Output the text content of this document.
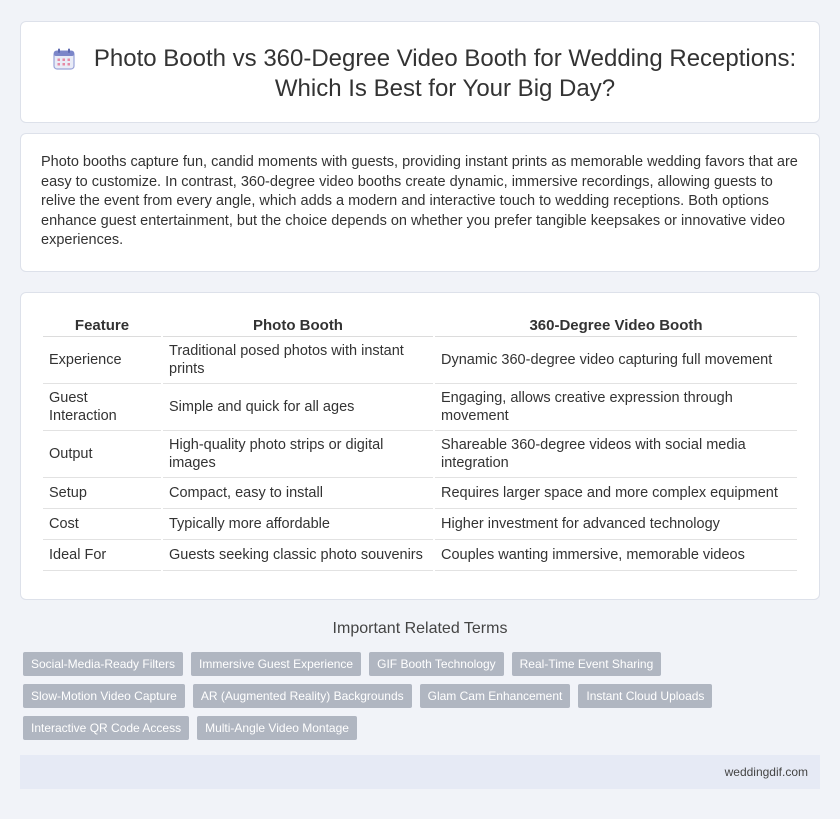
Photo Booth vs 360-Degree Video Booth for Wedding Receptions: Which Is Best for Your Big Day?

Photo booths capture fun, candid moments with guests, providing instant prints as memorable wedding favors that are easy to customize. In contrast, 360-degree video booths create dynamic, immersive recordings, allowing guests to relive the event from every angle, which adds a modern and interactive touch to wedding receptions. Both options enhance guest entertainment, but the choice depends on whether you prefer tangible keepsakes or innovative video experiences.

Feature	Photo Booth	360-Degree Video Booth
Experience	Traditional posed photos with instant prints	Dynamic 360-degree video capturing full movement
Guest Interaction	Simple and quick for all ages	Engaging, allows creative expression through movement
Output	High-quality photo strips or digital images	Shareable 360-degree videos with social media integration
Setup	Compact, easy to install	Requires larger space and more complex equipment
Cost	Typically more affordable	Higher investment for advanced technology
Ideal For	Guests seeking classic photo souvenirs	Couples wanting immersive, memorable videos
Important Related Terms
Social-Media-Ready Filters	Immersive Guest Experience	GIF Booth Technology	Real-Time Event Sharing
Slow-Motion Video Capture	AR (Augmented Reality) Backgrounds	Glam Cam Enhancement	Instant Cloud Uploads
Interactive QR Code Access	Multi-Angle Video Montage
weddingdif.com
